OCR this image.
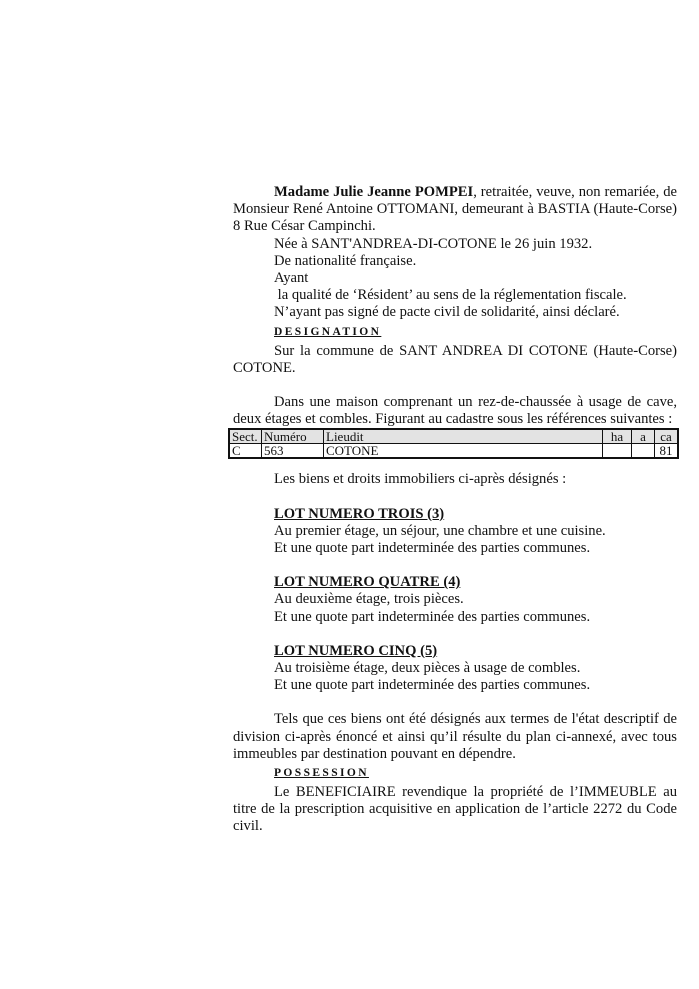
Madame Julie Jeanne POMPEI, retraitée, veuve, non remariée, de Monsieur René Antoine OTTOMANI, demeurant à BASTIA (Haute-Corse) 8 Rue César Campinchi.

Née à SANT'ANDREA-DI-COTONE le 26 juin 1932.

De nationalité française.

Ayant

la qualité de ‘Résident’ au sens de la réglementation fiscale.

N’ayant pas signé de pacte civil de solidarité, ainsi déclaré.

DESIGNATION

Sur la commune de SANT ANDREA DI COTONE (Haute-Corse) COTONE.

Dans une maison comprenant un rez-de-chaussée à usage de cave, deux étages et combles. Figurant au cadastre sous les références suivantes :

Sect.	Numéro	Lieudit	ha	a	ca
C	563	COTONE			81

Les biens et droits immobiliers ci-après désignés :

LOT NUMERO TROIS (3)

Au premier étage, un séjour, une chambre et une cuisine.

Et une quote part indeterminée des parties communes.

LOT NUMERO QUATRE (4)

Au deuxième étage, trois pièces.

Et une quote part indeterminée des parties communes.

LOT NUMERO CINQ (5)

Au troisième étage, deux pièces à usage de combles.

Et une quote part indeterminée des parties communes.

Tels que ces biens ont été désignés aux termes de l'état descriptif de division ci-après énoncé et ainsi qu’il résulte du plan ci-annexé, avec tous immeubles par destination pouvant en dépendre.

POSSESSION

Le BENEFICIAIRE revendique la propriété de l’IMMEUBLE au titre de la prescription acquisitive en application de l’article 2272 du Code civil.
